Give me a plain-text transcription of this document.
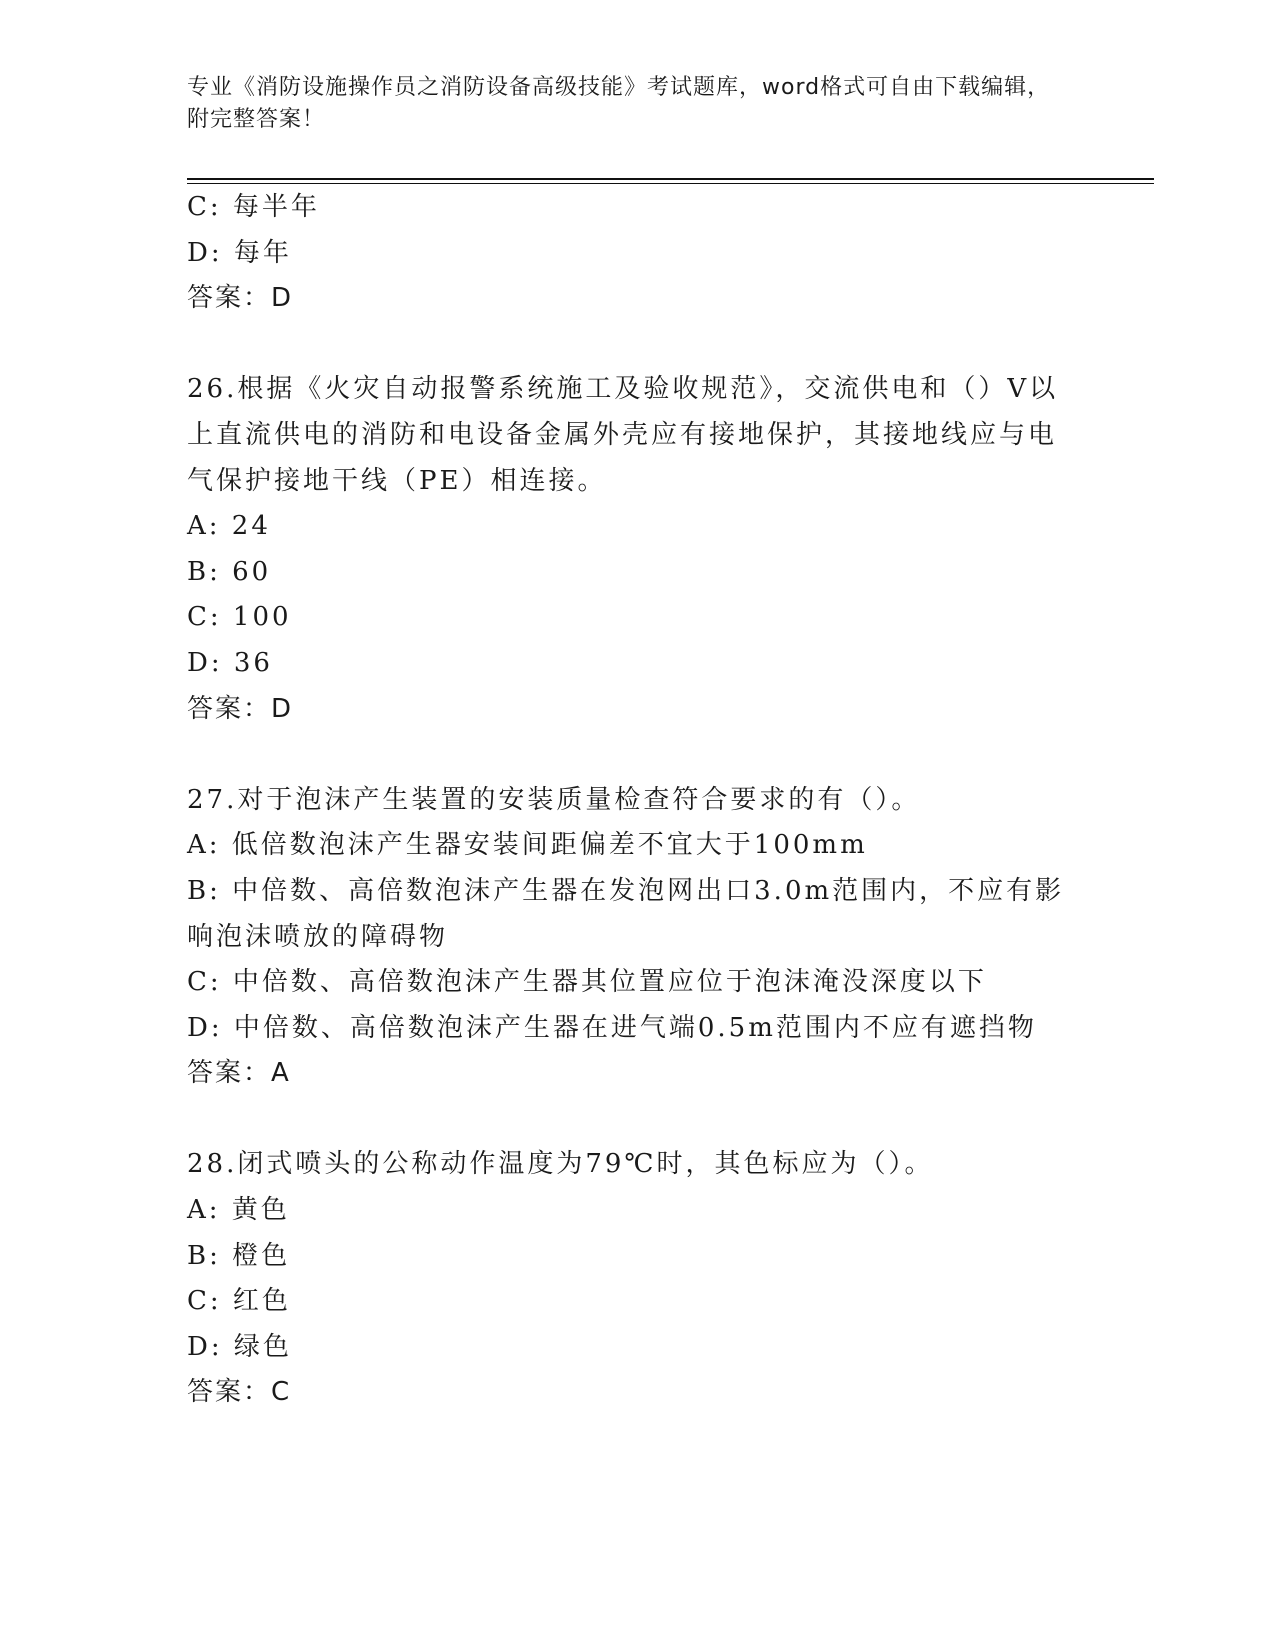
专业《消防设施操作员之消防设备高级技能》考试题库，word格式可自由下载编辑，附完整答案！
C: 每半年
D: 每年
答案：D
26.根据《火灾自动报警系统施工及验收规范》，交流供电和（）V以
上直流供电的消防和电设备金属外壳应有接地保护，其接地线应与电
气保护接地干线（PE）相连接。
A: 24
B: 60
C: 100
D: 36
答案：D
27.对于泡沫产生装置的安装质量检查符合要求的有（）。
A: 低倍数泡沫产生器安装间距偏差不宜大于100mm
B: 中倍数、高倍数泡沫产生器在发泡网出口3.0m范围内，不应有影
响泡沫喷放的障碍物
C: 中倍数、高倍数泡沫产生器其位置应位于泡沫淹没深度以下
D: 中倍数、高倍数泡沫产生器在进气端0.5m范围内不应有遮挡物
答案：A
28.闭式喷头的公称动作温度为79℃时，其色标应为（）。
A: 黄色
B: 橙色
C: 红色
D: 绿色
答案：C
